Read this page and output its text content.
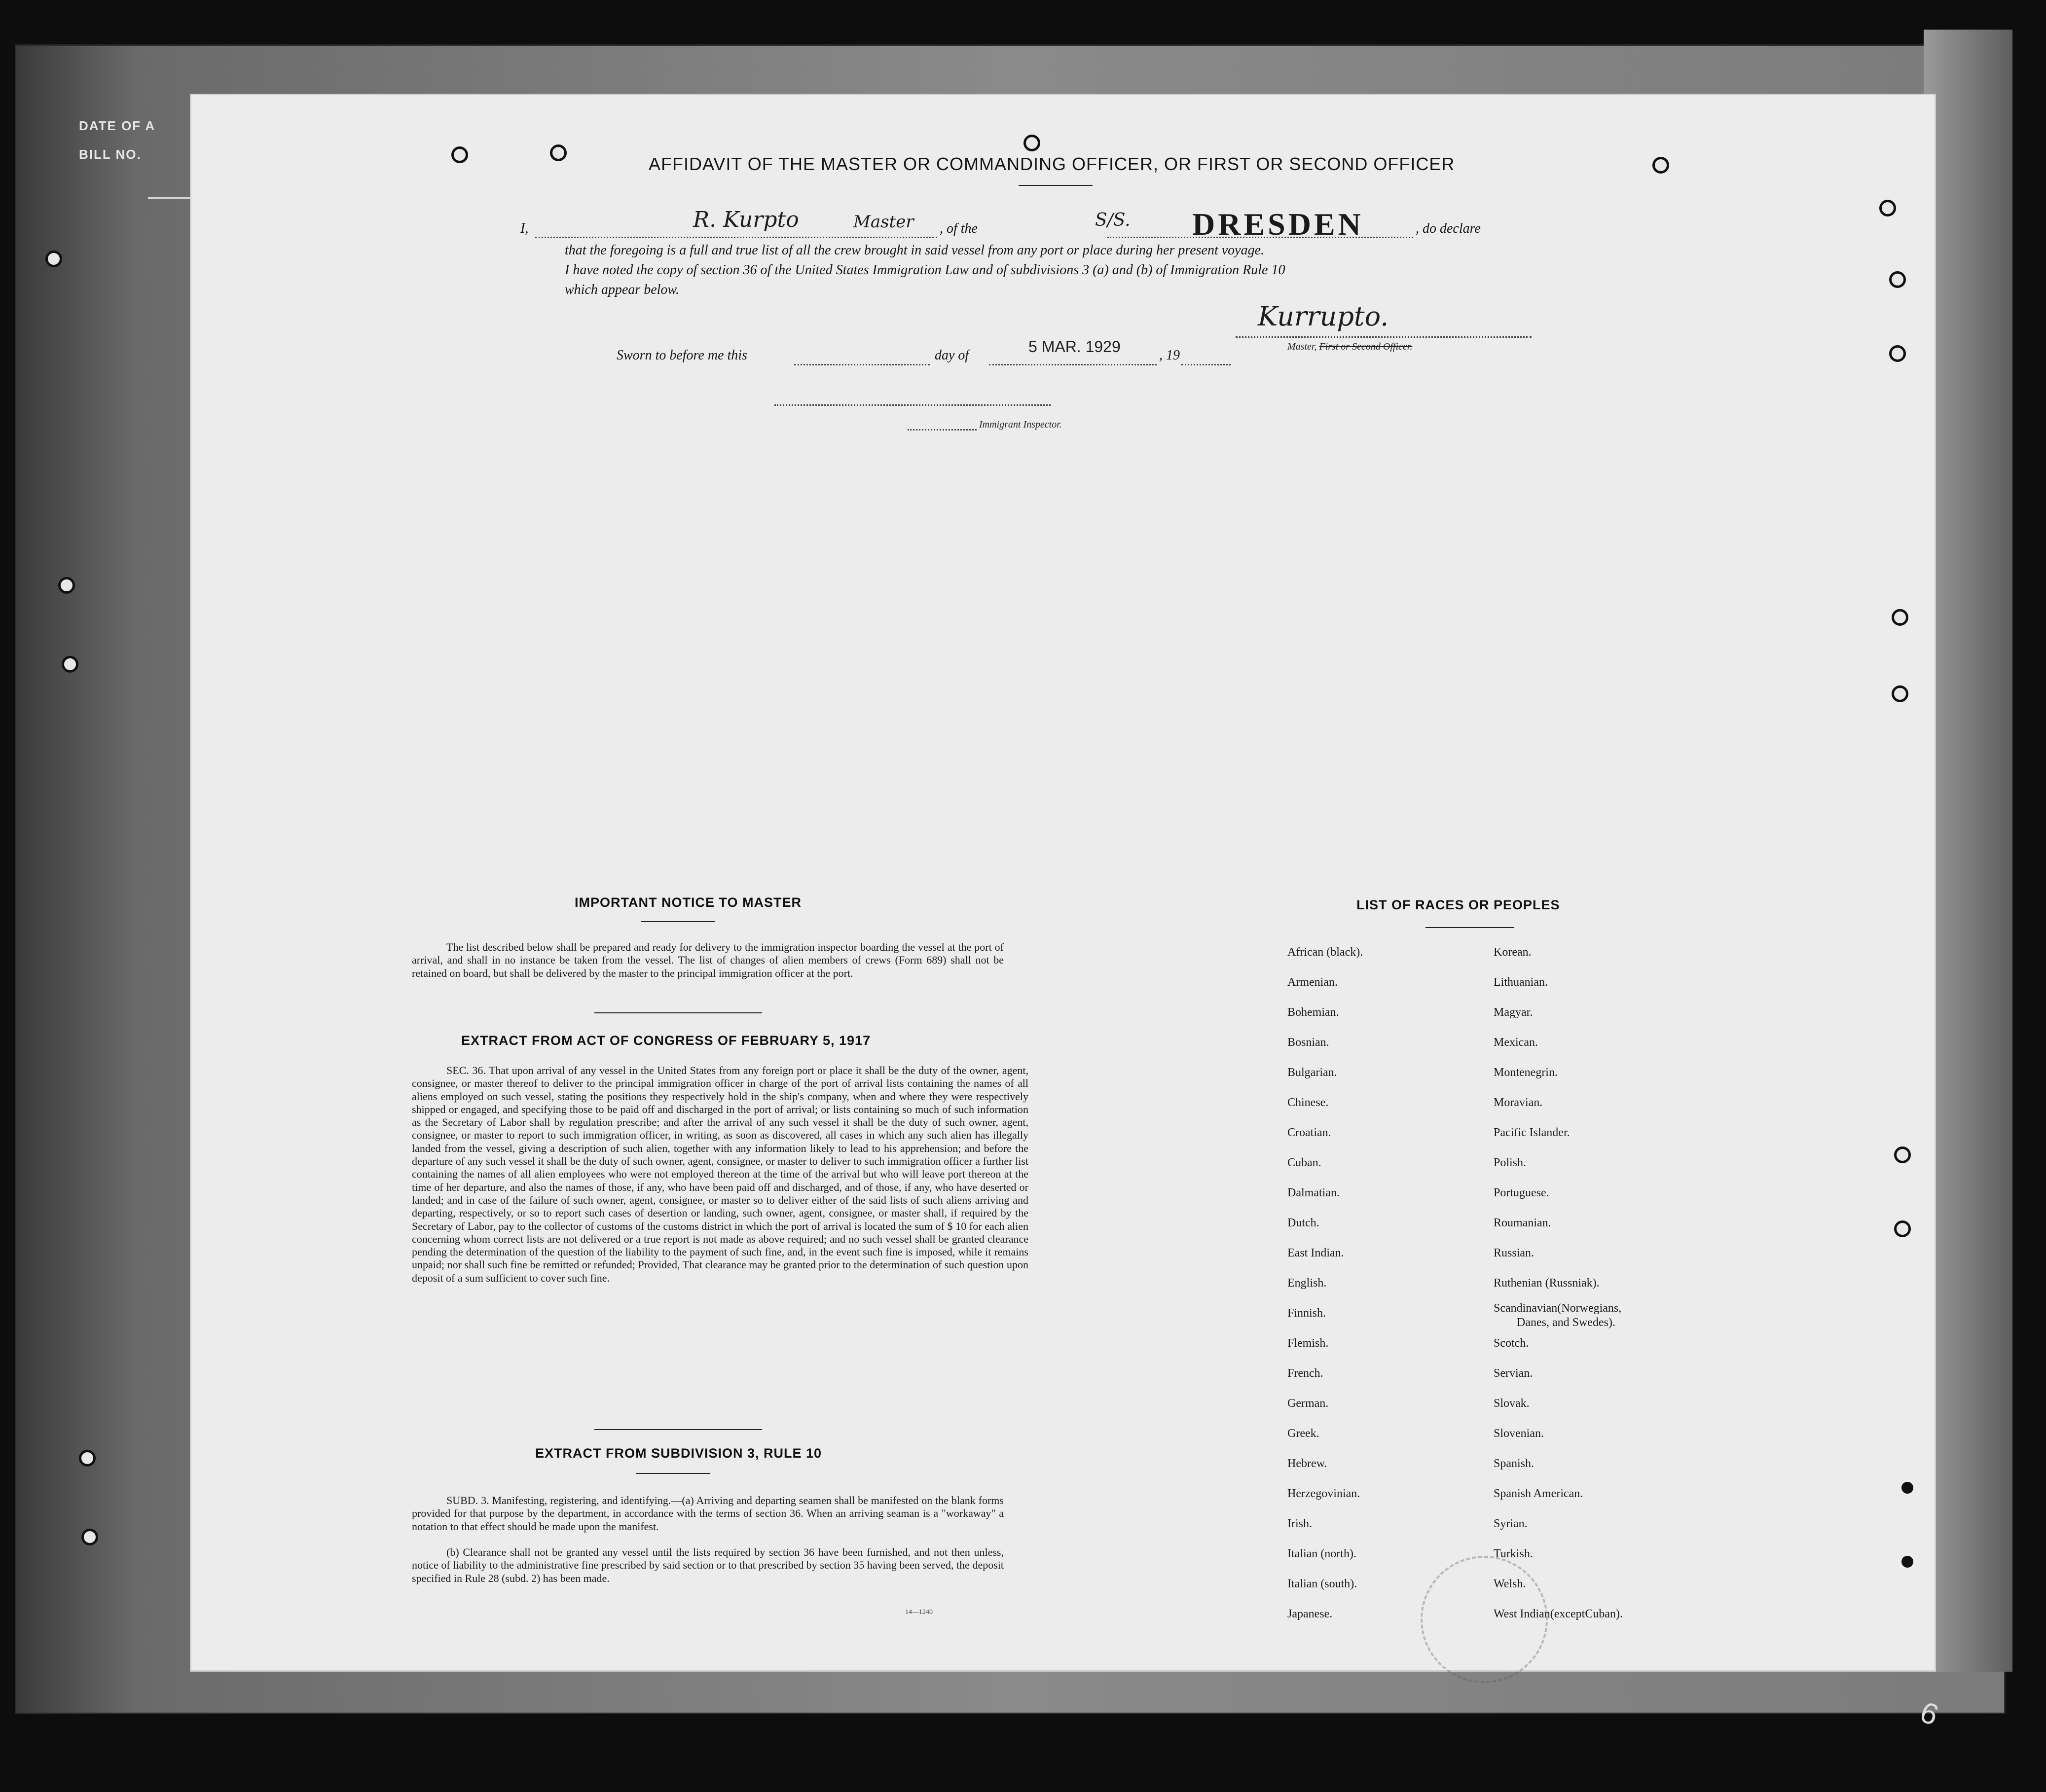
DATE OF A
BILL NO.
9
AFFIDAVIT OF THE MASTER OR COMMANDING OFFICER, OR FIRST OR SECOND OFFICER
I,	R. Kurpto	Master , of the	S/S. DRESDEN	, do declare
that the foregoing is a full and true list of all the crew brought in said vessel from any port or place during her present voyage.
I have noted the copy of section 36 of the United States Immigration Law and of subdivisions 3 (a) and (b) of Immigration Rule 10
which appear below.
Kurrupto.
Master, First or Second Officer.
Sworn to before me this	day of	5 MAR. 1929	, 19
Immigrant Inspector.
IMPORTANT NOTICE TO MASTER
The list described below shall be prepared and ready for delivery to the immigration inspector boarding the vessel at the port of arrival, and shall in no instance be taken from the vessel. The list of changes of alien members of crews (Form 689) shall not be retained on board, but shall be delivered by the master to the principal immigration officer at the port.
EXTRACT FROM ACT OF CONGRESS OF FEBRUARY 5, 1917
SEC. 36. That upon arrival of any vessel in the United States from any foreign port or place it shall be the duty of the owner, agent, consignee, or master thereof to deliver to the principal immigration officer in charge of the port of arrival lists containing the names of all aliens employed on such vessel, stating the positions they respectively hold in the ship's company, when and where they were respectively shipped or engaged, and specifying those to be paid off and discharged in the port of arrival; or lists containing so much of such information as the Secretary of Labor shall by regulation prescribe; and after the arrival of any such vessel it shall be the duty of such owner, agent, consignee, or master to report to such immigration officer, in writing, as soon as discovered, all cases in which any such alien has illegally landed from the vessel, giving a description of such alien, together with any information likely to lead to his apprehension; and before the departure of any such vessel it shall be the duty of such owner, agent, consignee, or master to deliver to such immigration officer a further list containing the names of all alien employees who were not employed thereon at the time of the arrival but who will leave port thereon at the time of her departure, and also the names of those, if any, who have been paid off and discharged, and of those, if any, who have deserted or landed; and in case of the failure of such owner, agent, consignee, or master so to deliver either of the said lists of such aliens arriving and departing, respectively, or so to report such cases of desertion or landing, such owner, agent, consignee, or master shall, if required by the Secretary of Labor, pay to the collector of customs of the customs district in which the port of arrival is located the sum of $ 10 for each alien concerning whom correct lists are not delivered or a true report is not made as above required; and no such vessel shall be granted clearance pending the determination of the question of the liability to the payment of such fine, and, in the event such fine is imposed, while it remains unpaid; nor shall such fine be remitted or refunded; Provided, That clearance may be granted prior to the determination of such question upon deposit of a sum sufficient to cover such fine.
EXTRACT FROM SUBDIVISION 3, RULE 10
SUBD. 3. Manifesting, registering, and identifying.—(a) Arriving and departing seamen shall be manifested on the blank forms provided for that purpose by the department, in accordance with the terms of section 36. When an arriving seaman is a "workaway" a notation to that effect should be made upon the manifest.
(b) Clearance shall not be granted any vessel until the lists required by section 36 have been furnished, and not then unless, notice of liability to the administrative fine prescribed by said section or to that prescribed by section 35 having been served, the deposit specified in Rule 28 (subd. 2) has been made.
14—1240
LIST OF RACES OR PEOPLES
African (black).
Armenian.
Bohemian.
Bosnian.
Bulgarian.
Chinese.
Croatian.
Cuban.
Dalmatian.
Dutch.
East Indian.
English.
Finnish.
Flemish.
French.
German.
Greek.
Hebrew.
Herzegovinian.
Irish.
Italian (north).
Italian (south).
Japanese.
Korean.
Lithuanian.
Magyar.
Mexican.
Montenegrin.
Moravian.
Pacific Islander.
Polish.
Portuguese.
Roumanian.
Russian.
Ruthenian (Russniak).
Scandinavian(Norwegians,
Danes, and Swedes).
Scotch.
Servian.
Slovak.
Slovenian.
Spanish.
Spanish American.
Syrian.
Turkish.
Welsh.
West Indian(exceptCuban).
